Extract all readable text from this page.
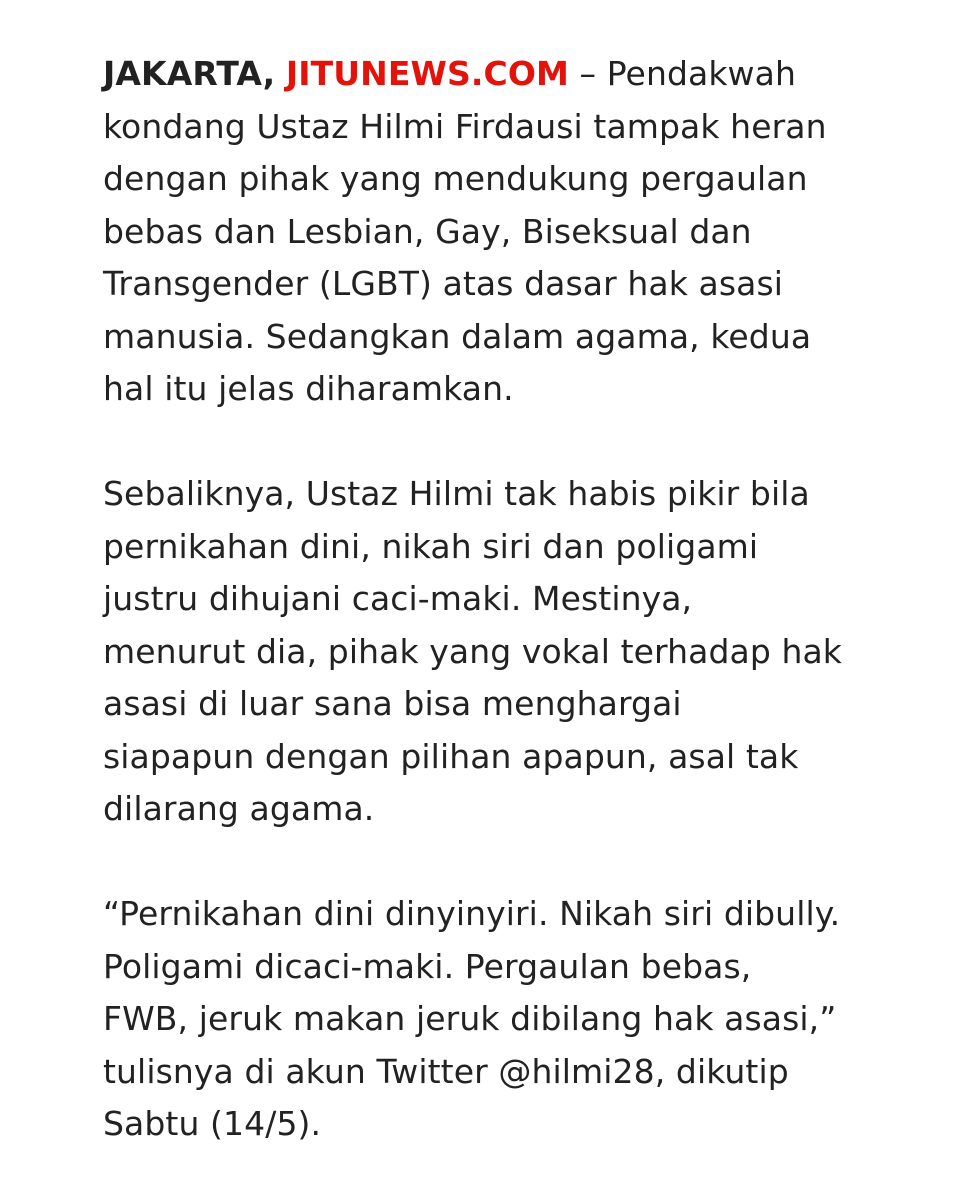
JAKARTA, JITUNEWS.COM – Pendakwah
kondang Ustaz Hilmi Firdausi tampak heran
dengan pihak yang mendukung pergaulan
bebas dan Lesbian, Gay, Biseksual dan
Transgender (LGBT) atas dasar hak asasi
manusia. Sedangkan dalam agama, kedua
hal itu jelas diharamkan.

Sebaliknya, Ustaz Hilmi tak habis pikir bila
pernikahan dini, nikah siri dan poligami
justru dihujani caci-maki. Mestinya,
menurut dia, pihak yang vokal terhadap hak
asasi di luar sana bisa menghargai
siapapun dengan pilihan apapun, asal tak
dilarang agama.

“Pernikahan dini dinyinyiri. Nikah siri dibully.
Poligami dicaci-maki. Pergaulan bebas,
FWB, jeruk makan jeruk dibilang hak asasi,”
tulisnya di akun Twitter @hilmi28, dikutip
Sabtu (14/5).
